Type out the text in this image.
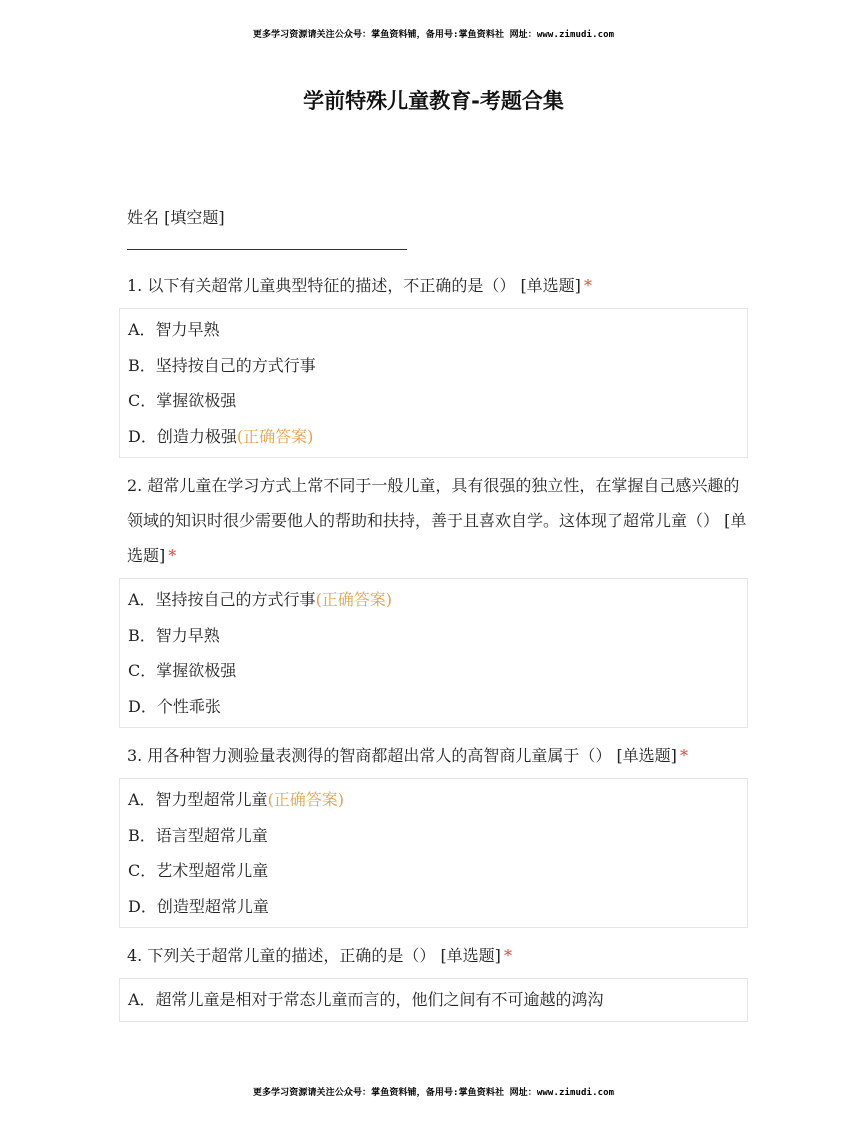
更多学习资源请关注公众号：掌鱼资料铺，备用号:掌鱼资料社 网址：www.zimudi.com
学前特殊儿童教育-考题合集

姓名 [填空题]

1. 以下有关超常儿童典型特征的描述，不正确的是（） [单选题] *

A．智力早熟

B．坚持按自己的方式行事

C．掌握欲极强

D．创造力极强(正确答案)

2. 超常儿童在学习方式上常不同于一般儿童，具有很强的独立性，在掌握自己感兴趣的领域的知识时很少需要他人的帮助和扶持，善于且喜欢自学。这体现了超常儿童（） [单选题] *

A．坚持按自己的方式行事(正确答案)

B．智力早熟

C．掌握欲极强

D．个性乖张

3. 用各种智力测验量表测得的智商都超出常人的高智商儿童属于（） [单选题] *

A．智力型超常儿童(正确答案)

B．语言型超常儿童

C．艺术型超常儿童

D．创造型超常儿童

4. 下列关于超常儿童的描述，正确的是（） [单选题] *

A．超常儿童是相对于常态儿童而言的，他们之间有不可逾越的鸿沟

更多学习资源请关注公众号：掌鱼资料铺，备用号:掌鱼资料社 网址：www.zimudi.com
